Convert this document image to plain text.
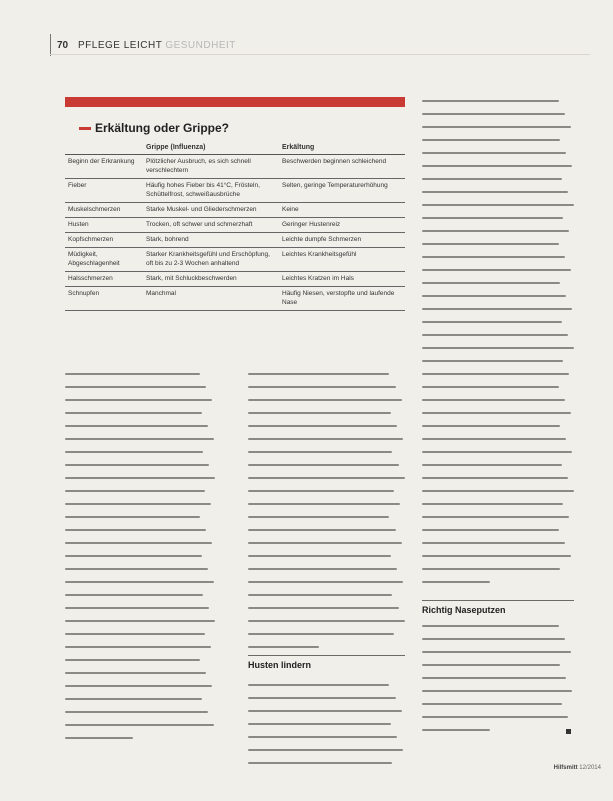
70 PFLEGE LEICHT GESUNDHEIT
Erkältung oder Grippe?
	Grippe (Influenza)	Erkältung
Beginn der Erkrankung	Plötzlicher Ausbruch, es sich schnell verschlechtern	Beschwerden beginnen schleichend
Fieber	Häufig hohes Fieber bis 41°C, Frösteln, Schüttelfrost, schweißausbrüche	Selten, geringe Temperaturerhöhung
Muskelschmerzen	Starke Muskel- und Gliederschmerzen	Keine
Husten	Trocken, oft schwer und schmerzhaft	Geringer Hustenreiz
Kopfschmerzen	Stark, bohrend	Leichte dumpfe Schmerzen
Müdigkeit, Abgeschlagenheit	Starker Krankheitsgefühl und Erschöpfung, oft bis zu 2-3 Wochen anhaltend	Leichtes Krankheitsgefühl
Halsschmerzen	Stark, mit Schluckbeschwerden	Leichtes Kratzen im Hals
Schnupfen	Manchmal	Häufig Niesen, verstopfte und laufende Nase
Husten lindern
Richtig Naseputzen
Hilfsmitt 12/2014
